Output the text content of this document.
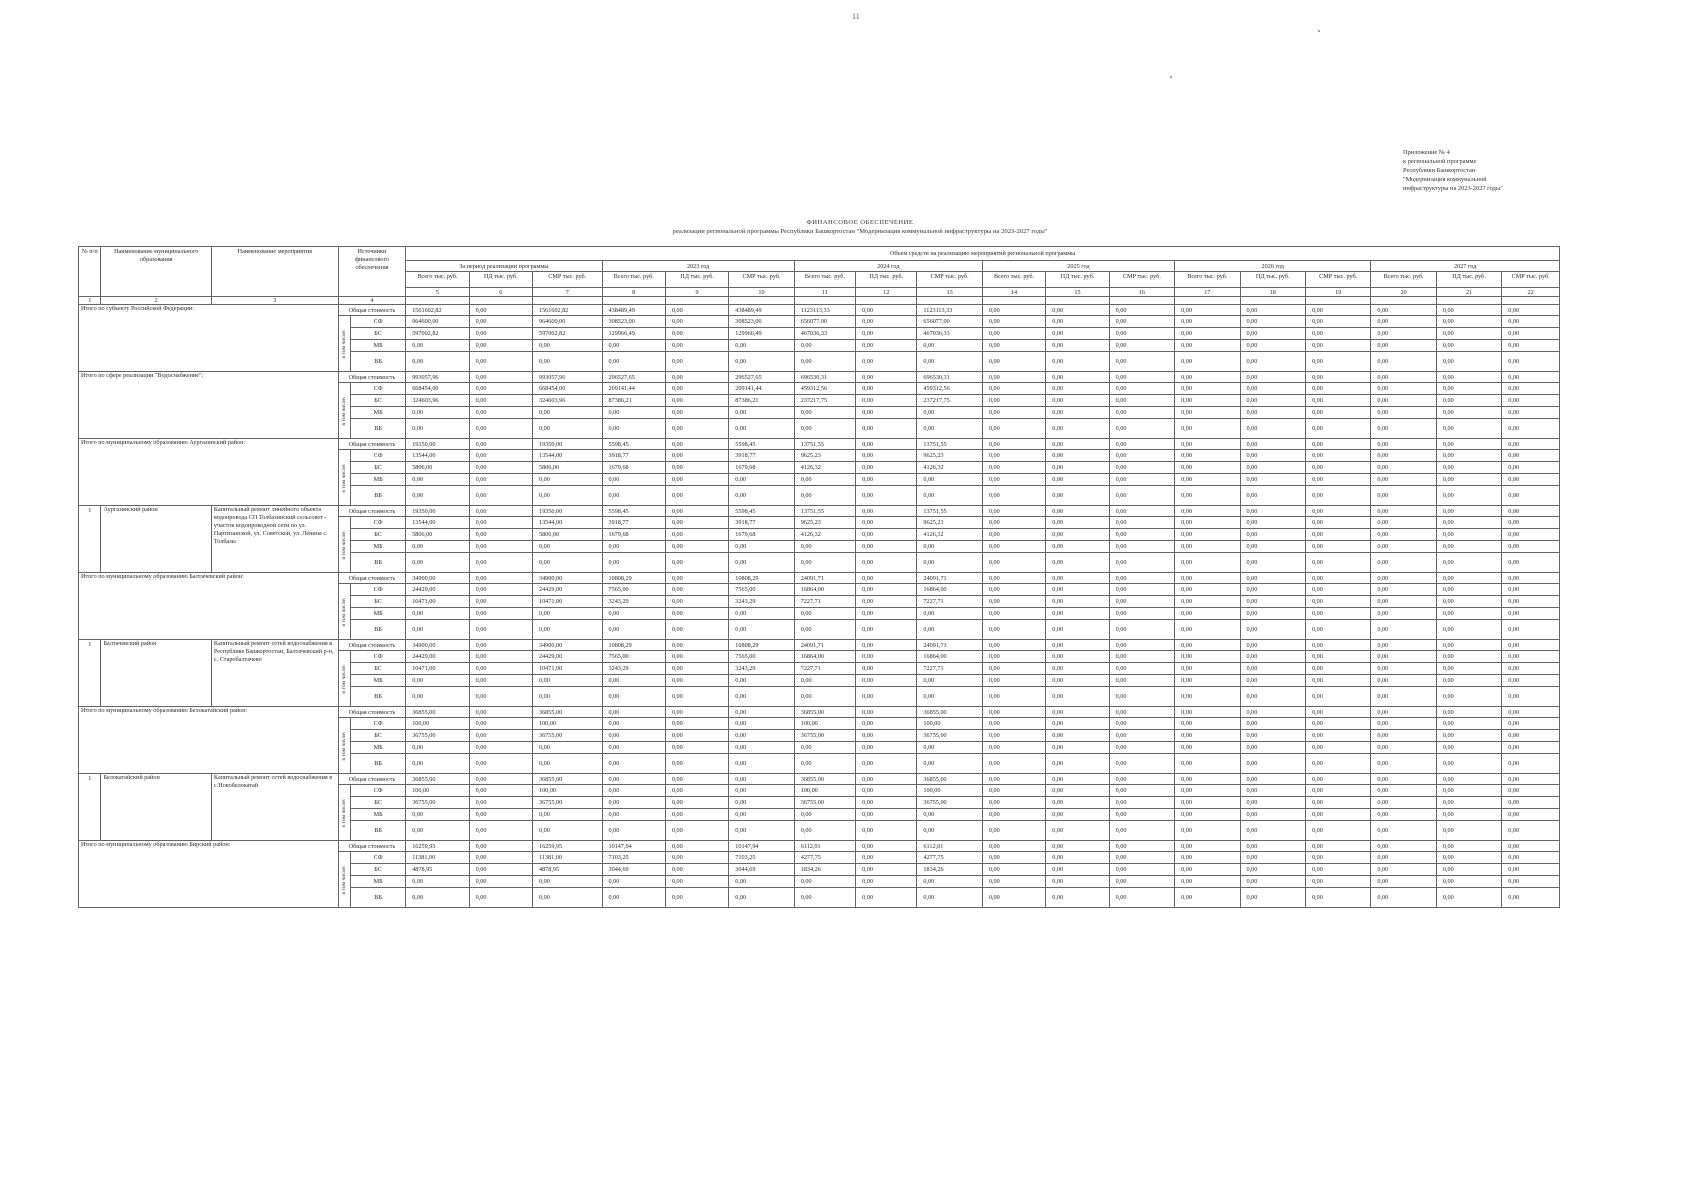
11
Приложение № 4
к региональной программе
Республики Башкортостан
"Модернизация коммунальной
инфраструктуры на 2023-2027 годы"
ФИНАНСОВОЕ ОБЕСПЕЧЕНИЕ
реализации региональной программы Республики Башкортостан "Модернизация коммунальной инфраструктуры на 2023-2027 годы"
№ п/п	Наименование муниципального образования	Наименование мероприятия	Источники финансового обеспечения		Объем средств на реализацию мероприятий региональной программы																	
					За период реализации программы			2023 год			2024 год			2025 год			2026 год			2027 год		
					Всего тыс. руб.	ПД тыс. руб.	СМР тыс. руб.	Всего тыс. руб.	ПД тыс. руб.	СМР тыс. руб.	Всего тыс. руб.	ПД тыс. руб.	СМР тыс. руб.	Всего тыс. руб.	ПД тыс. руб.	СМР тыс. руб.	Всего тыс. руб.	ПД тыс. руб.	СМР тыс. руб.	Всего тыс. руб.	ПД тыс. руб.	СМР тыс. руб.
					5	6	7	8	9	10	11	12	13	14	15	16	17	18	19	20	21	22
1	2	3	4																			
Итого по субъекту Российской Федерации:			Общая стоимость		1561602,82	0,00	1561602,82	438489,49	0,00	438489,49	1123113,33	0,00	1123113,33	0,00	0,00	0,00	0,00	0,00	0,00	0,00	0,00	0,00

			в том числе:	СФ	964600,00	0,00	964600,00	308523,00	0,00	308523,00	656077,00	0,00	656077,00	0,00	0,00	0,00	0,00	0,00	0,00	0,00	0,00	0,00
				БС	597002,82	0,00	597002,82	129966,49	0,00	129966,49	467036,33	0,00	467036,33	0,00	0,00	0,00	0,00	0,00	0,00	0,00	0,00	0,00
				МБ	0,00	0,00	0,00	0,00	0,00	0,00	0,00	0,00	0,00	0,00	0,00	0,00	0,00	0,00	0,00	0,00	0,00	0,00
				ВБ	0,00	0,00	0,00	0,00	0,00	0,00	0,00	0,00	0,00	0,00	0,00	0,00	0,00	0,00	0,00	0,00	0,00	0,00
Итого по сфере реализации "Водоснабжение":			Общая стоимость		993057,96	0,00	993057,96	296527,65	0,00	296527,65	696530,31	0,00	696530,31	0,00	0,00	0,00	0,00	0,00	0,00	0,00	0,00	0,00

			в том числе:	СФ	668454,00	0,00	668454,00	209141,44	0,00	209141,44	459312,56	0,00	459312,56	0,00	0,00	0,00	0,00	0,00	0,00	0,00	0,00	0,00
				БС	324603,96	0,00	324603,96	87386,21	0,00	87386,21	237217,75	0,00	237217,75	0,00	0,00	0,00	0,00	0,00	0,00	0,00	0,00	0,00
				МБ	0,00	0,00	0,00	0,00	0,00	0,00	0,00	0,00	0,00	0,00	0,00	0,00	0,00	0,00	0,00	0,00	0,00	0,00
				ВБ	0,00	0,00	0,00	0,00	0,00	0,00	0,00	0,00	0,00	0,00	0,00	0,00	0,00	0,00	0,00	0,00	0,00	0,00
Итого по муниципальному образованию Аургазинский район:			Общая стоимость		19350,00	0,00	19350,00	5598,45	0,00	5598,45	13751,55	0,00	13751,55	0,00	0,00	0,00	0,00	0,00	0,00	0,00	0,00	0,00

			в том числе:	СФ	13544,00	0,00	13544,00	3918,77	0,00	3918,77	9625,23	0,00	9625,23	0,00	0,00	0,00	0,00	0,00	0,00	0,00	0,00	0,00
				БС	5806,00	0,00	5806,00	1679,68	0,00	1679,68	4126,32	0,00	4126,32	0,00	0,00	0,00	0,00	0,00	0,00	0,00	0,00	0,00
				МБ	0,00	0,00	0,00	0,00	0,00	0,00	0,00	0,00	0,00	0,00	0,00	0,00	0,00	0,00	0,00	0,00	0,00	0,00
				ВБ	0,00	0,00	0,00	0,00	0,00	0,00	0,00	0,00	0,00	0,00	0,00	0,00	0,00	0,00	0,00	0,00	0,00	0,00
1	Аургазинский район	Капитальный ремонт линейного объекта водопровода СП Толбазинский сельсовет - участок водопроводной сети по ул. Партизанской, ул. Советской, ул. Ленина с. Толбазы	Общая стоимость		19350,00	0,00	19350,00	5598,45	0,00	5598,45	13751,55	0,00	13751,55	0,00	0,00	0,00	0,00	0,00	0,00	0,00	0,00	0,00

			в том числе:	СФ	13544,00	0,00	13544,00	3918,77	0,00	3918,77	9625,23	0,00	9625,23	0,00	0,00	0,00	0,00	0,00	0,00	0,00	0,00	0,00
				БС	5806,00	0,00	5806,00	1679,68	0,00	1679,68	4126,32	0,00	4126,32	0,00	0,00	0,00	0,00	0,00	0,00	0,00	0,00	0,00
				МБ	0,00	0,00	0,00	0,00	0,00	0,00	0,00	0,00	0,00	0,00	0,00	0,00	0,00	0,00	0,00	0,00	0,00	0,00
				ВБ	0,00	0,00	0,00	0,00	0,00	0,00	0,00	0,00	0,00	0,00	0,00	0,00	0,00	0,00	0,00	0,00	0,00	0,00
Итого по муниципальному образованию Балтачевский район:			Общая стоимость		34900,00	0,00	34900,00	10808,29	0,00	10808,29	24091,71	0,00	24091,71	0,00	0,00	0,00	0,00	0,00	0,00	0,00	0,00	0,00

			в том числе:	СФ	24429,00	0,00	24429,00	7565,00	0,00	7565,00	16864,00	0,00	16864,00	0,00	0,00	0,00	0,00	0,00	0,00	0,00	0,00	0,00
				БС	10471,00	0,00	10471,00	3243,29	0,00	3243,29	7227,71	0,00	7227,71	0,00	0,00	0,00	0,00	0,00	0,00	0,00	0,00	0,00
				МБ	0,00	0,00	0,00	0,00	0,00	0,00	0,00	0,00	0,00	0,00	0,00	0,00	0,00	0,00	0,00	0,00	0,00	0,00
				ВБ	0,00	0,00	0,00	0,00	0,00	0,00	0,00	0,00	0,00	0,00	0,00	0,00	0,00	0,00	0,00	0,00	0,00	0,00
1	Балтачевский район	Капитальный ремонт сетей водоснабжения в Республике Башкортостан, Балтачевский р-н, с. Старобалтачево	Общая стоимость		34900,00	0,00	34900,00	10808,29	0,00	10808,29	24091,71	0,00	24091,71	0,00	0,00	0,00	0,00	0,00	0,00	0,00	0,00	0,00

			в том числе:	СФ	24429,00	0,00	24429,00	7565,00	0,00	7565,00	16864,00	0,00	16864,00	0,00	0,00	0,00	0,00	0,00	0,00	0,00	0,00	0,00
				БС	10471,00	0,00	10471,00	3243,29	0,00	3243,29	7227,71	0,00	7227,71	0,00	0,00	0,00	0,00	0,00	0,00	0,00	0,00	0,00
				МБ	0,00	0,00	0,00	0,00	0,00	0,00	0,00	0,00	0,00	0,00	0,00	0,00	0,00	0,00	0,00	0,00	0,00	0,00
				ВБ	0,00	0,00	0,00	0,00	0,00	0,00	0,00	0,00	0,00	0,00	0,00	0,00	0,00	0,00	0,00	0,00	0,00	0,00
Итого по муниципальному образованию Белокатайский район:			Общая стоимость		36855,00	0,00	36855,00	0,00	0,00	0,00	36855,00	0,00	36855,00	0,00	0,00	0,00	0,00	0,00	0,00	0,00	0,00	0,00

			в том числе:	СФ	100,00	0,00	100,00	0,00	0,00	0,00	100,00	0,00	100,00	0,00	0,00	0,00	0,00	0,00	0,00	0,00	0,00	0,00
				БС	36755,00	0,00	36755,00	0,00	0,00	0,00	36755,00	0,00	36755,00	0,00	0,00	0,00	0,00	0,00	0,00	0,00	0,00	0,00
				МБ	0,00	0,00	0,00	0,00	0,00	0,00	0,00	0,00	0,00	0,00	0,00	0,00	0,00	0,00	0,00	0,00	0,00	0,00
				ВБ	0,00	0,00	0,00	0,00	0,00	0,00	0,00	0,00	0,00	0,00	0,00	0,00	0,00	0,00	0,00	0,00	0,00	0,00
1	Белокатайский район	Капитальный ремонт сетей водоснабжения в с.Новобелокатай	Общая стоимость		36855,00	0,00	36855,00	0,00	0,00	0,00	36855,00	0,00	36855,00	0,00	0,00	0,00	0,00	0,00	0,00	0,00	0,00	0,00

			в том числе:	СФ	100,00	0,00	100,00	0,00	0,00	0,00	100,00	0,00	100,00	0,00	0,00	0,00	0,00	0,00	0,00	0,00	0,00	0,00
				БС	36755,00	0,00	36755,00	0,00	0,00	0,00	36755,00	0,00	36755,00	0,00	0,00	0,00	0,00	0,00	0,00	0,00	0,00	0,00
				МБ	0,00	0,00	0,00	0,00	0,00	0,00	0,00	0,00	0,00	0,00	0,00	0,00	0,00	0,00	0,00	0,00	0,00	0,00
				ВБ	0,00	0,00	0,00	0,00	0,00	0,00	0,00	0,00	0,00	0,00	0,00	0,00	0,00	0,00	0,00	0,00	0,00	0,00
Итого по муниципальному образованию Бирский район:			Общая стоимость		16259,95	0,00	16259,95	10147,94	0,00	10147,94	6112,01	0,00	6112,01	0,00	0,00	0,00	0,00	0,00	0,00	0,00	0,00	0,00

			в том числе:	СФ	11381,00	0,00	11381,00	7103,25	0,00	7103,25	4277,75	0,00	4277,75	0,00	0,00	0,00	0,00	0,00	0,00	0,00	0,00	0,00
				БС	4878,95	0,00	4878,95	3044,69	0,00	3044,69	1834,26	0,00	1834,26	0,00	0,00	0,00	0,00	0,00	0,00	0,00	0,00	0,00
				МБ	0,00	0,00	0,00	0,00	0,00	0,00	0,00	0,00	0,00	0,00	0,00	0,00	0,00	0,00	0,00	0,00	0,00	0,00
				ВБ	0,00	0,00	0,00	0,00	0,00	0,00	0,00	0,00	0,00	0,00	0,00	0,00	0,00	0,00	0,00	0,00	0,00	0,00
